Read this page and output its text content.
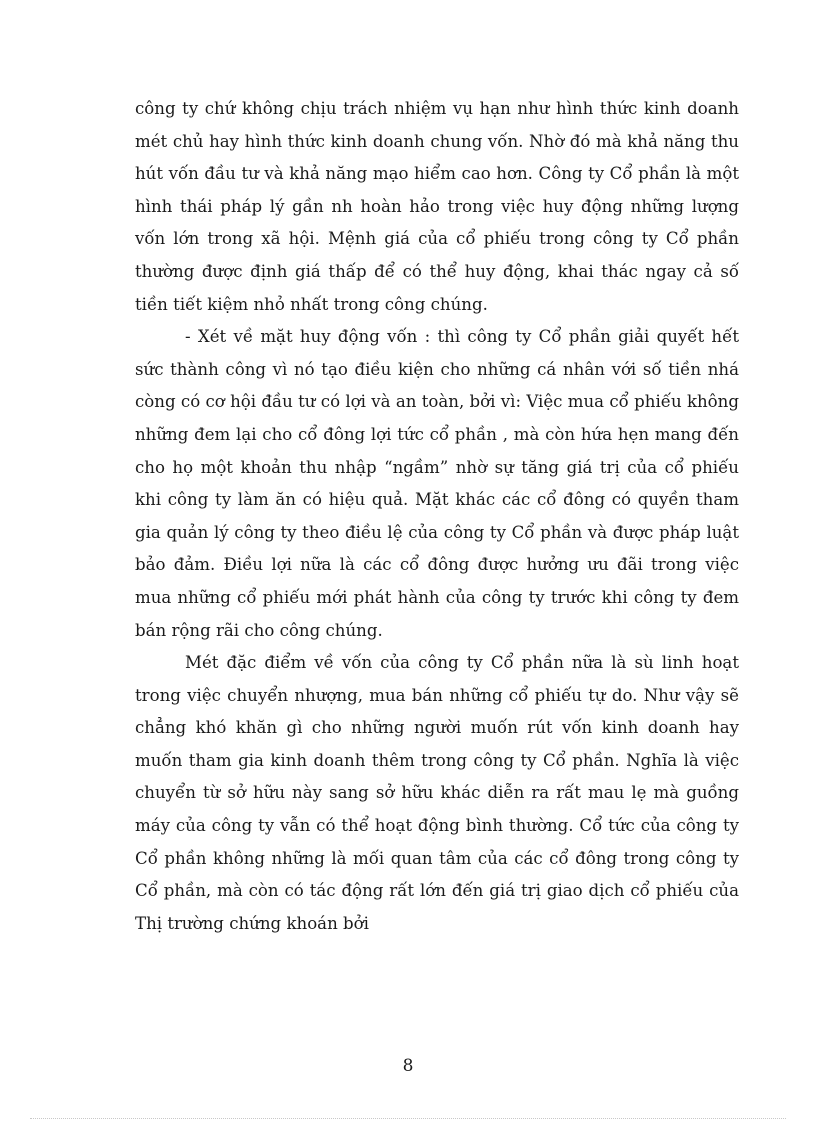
công ty chứ không chịu trách nhiệm vụ hạn như hình thức kinh doanh mét chủ hay hình thức kinh doanh chung vốn. Nhờ đó mà khả năng thu hút vốn đầu tư và khả năng mạo hiểm cao hơn. Công ty Cổ phần là một hình thái pháp lý gần nh hoàn hảo trong việc huy động những lượng vốn lớn trong xã hội. Mệnh giá của cổ phiếu trong công ty Cổ phần thường được định giá thấp để có thể huy động, khai thác ngay cả số tiền tiết kiệm nhỏ nhất trong công chúng.

- Xét về mặt huy động vốn : thì công ty Cổ phần giải quyết hết sức thành công vì nó tạo điều kiện cho những cá nhân với số tiền nhá còng có cơ hội đầu tư có lợi và an toàn, bởi vì: Việc mua cổ phiếu không những đem lại cho cổ đông lợi tức cổ phần , mà còn hứa hẹn mang đến cho họ một khoản thu nhập “ngầm” nhờ sự tăng giá trị của cổ phiếu khi công ty làm ăn có hiệu quả. Mặt khác các cổ đông có quyền tham gia quản lý công ty theo điều lệ của công ty Cổ phần và được pháp luật bảo đảm. Điều lợi nữa là các cổ đông được hưởng ưu đãi trong việc mua những cổ phiếu mới phát hành của công ty trước khi công ty đem bán rộng rãi cho công chúng.

Mét đặc điểm về vốn của công ty Cổ phần nữa là sù linh hoạt trong việc chuyển nhượng, mua bán những cổ phiếu tự do. Như vậy sẽ chẳng khó khăn gì cho những người muốn rút vốn kinh doanh hay muốn tham gia kinh doanh thêm trong công ty Cổ phần. Nghĩa là việc chuyển từ sở hữu này sang sở hữu khác diễn ra rất mau lẹ mà guồng máy của công ty vẫn có thể hoạt động bình thường. Cổ tức của công ty Cổ phần không những là mối quan tâm của các cổ đông trong công ty Cổ phần, mà còn có tác động rất lớn đến giá trị giao dịch cổ phiếu của Thị trường chứng khoán bởi

8
